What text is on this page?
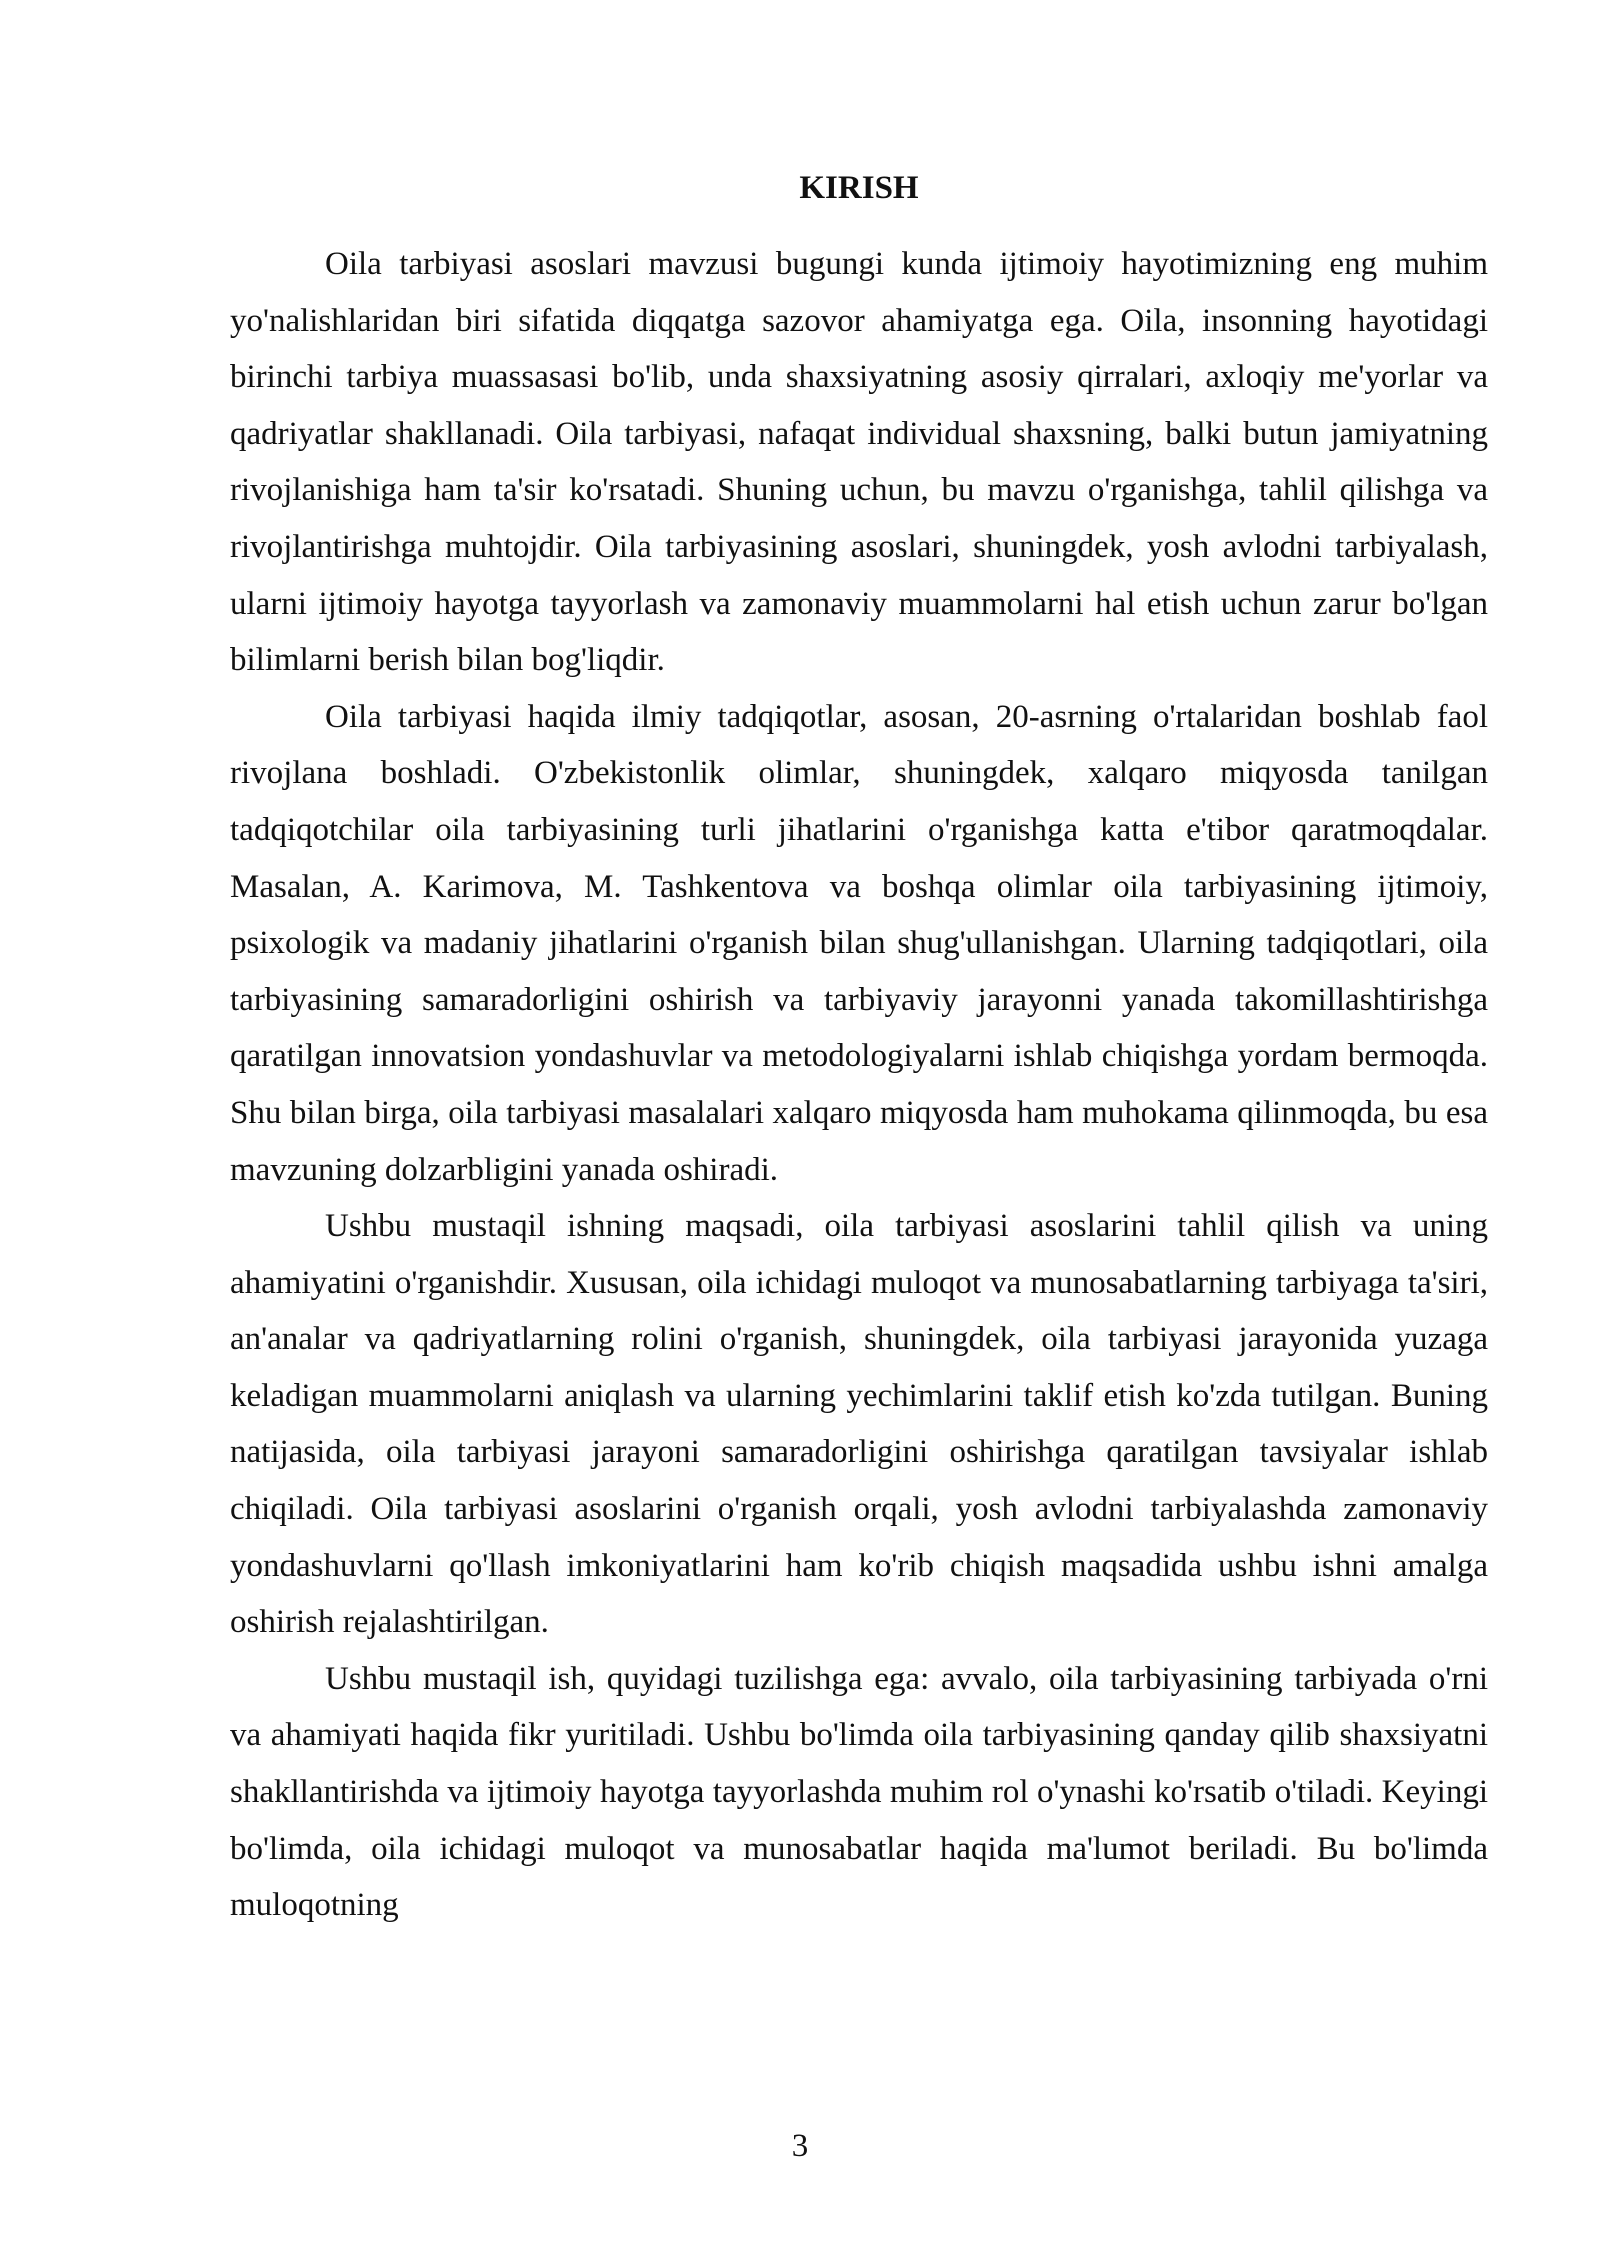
KIRISH

Oila tarbiyasi asoslari mavzusi bugungi kunda ijtimoiy hayotimizning eng muhim yo'nalishlaridan biri sifatida diqqatga sazovor ahamiyatga ega. Oila, insonning hayotidagi birinchi tarbiya muassasasi bo'lib, unda shaxsiyatning asosiy qirralari, axloqiy me'yorlar va qadriyatlar shakllanadi. Oila tarbiyasi, nafaqat individual shaxsning, balki butun jamiyatning rivojlanishiga ham ta'sir ko'rsatadi. Shuning uchun, bu mavzu o'rganishga, tahlil qilishga va rivojlantirishga muhtojdir. Oila tarbiyasining asoslari, shuningdek, yosh avlodni tarbiyalash, ularni ijtimoiy hayotga tayyorlash va zamonaviy muammolarni hal etish uchun zarur bo'lgan bilimlarni berish bilan bog'liqdir.

Oila tarbiyasi haqida ilmiy tadqiqotlar, asosan, 20-asrning o'rtalaridan boshlab faol rivojlana boshladi. O'zbekistonlik olimlar, shuningdek, xalqaro miqyosda tanilgan tadqiqotchilar oila tarbiyasining turli jihatlarini o'rganishga katta e'tibor qaratmoqdalar. Masalan, A. Karimova, M. Tashkentova va boshqa olimlar oila tarbiyasining ijtimoiy, psixologik va madaniy jihatlarini o'rganish bilan shug'ullanishgan. Ularning tadqiqotlari, oila tarbiyasining samaradorligini oshirish va tarbiyaviy jarayonni yanada takomillashtirishga qaratilgan innovatsion yondashuvlar va metodologiyalarni ishlab chiqishga yordam bermoqda. Shu bilan birga, oila tarbiyasi masalalari xalqaro miqyosda ham muhokama qilinmoqda, bu esa mavzuning dolzarbligini yanada oshiradi.

Ushbu mustaqil ishning maqsadi, oila tarbiyasi asoslarini tahlil qilish va uning ahamiyatini o'rganishdir. Xususan, oila ichidagi muloqot va munosabatlarning tarbiyaga ta'siri, an'analar va qadriyatlarning rolini o'rganish, shuningdek, oila tarbiyasi jarayonida yuzaga keladigan muammolarni aniqlash va ularning yechimlarini taklif etish ko'zda tutilgan. Buning natijasida, oila tarbiyasi jarayoni samaradorligini oshirishga qaratilgan tavsiyalar ishlab chiqiladi. Oila tarbiyasi asoslarini o'rganish orqali, yosh avlodni tarbiyalashda zamonaviy yondashuvlarni qo'llash imkoniyatlarini ham ko'rib chiqish maqsadida ushbu ishni amalga oshirish rejalashtirilgan.

Ushbu mustaqil ish, quyidagi tuzilishga ega: avvalo, oila tarbiyasining tarbiyada o'rni va ahamiyati haqida fikr yuritiladi. Ushbu bo'limda oila tarbiyasining qanday qilib shaxsiyatni shakllantirishda va ijtimoiy hayotga tayyorlashda muhim rol o'ynashi ko'rsatib o'tiladi. Keyingi bo'limda, oila ichidagi muloqot va munosabatlar haqida ma'lumot beriladi. Bu bo'limda muloqotning

3
